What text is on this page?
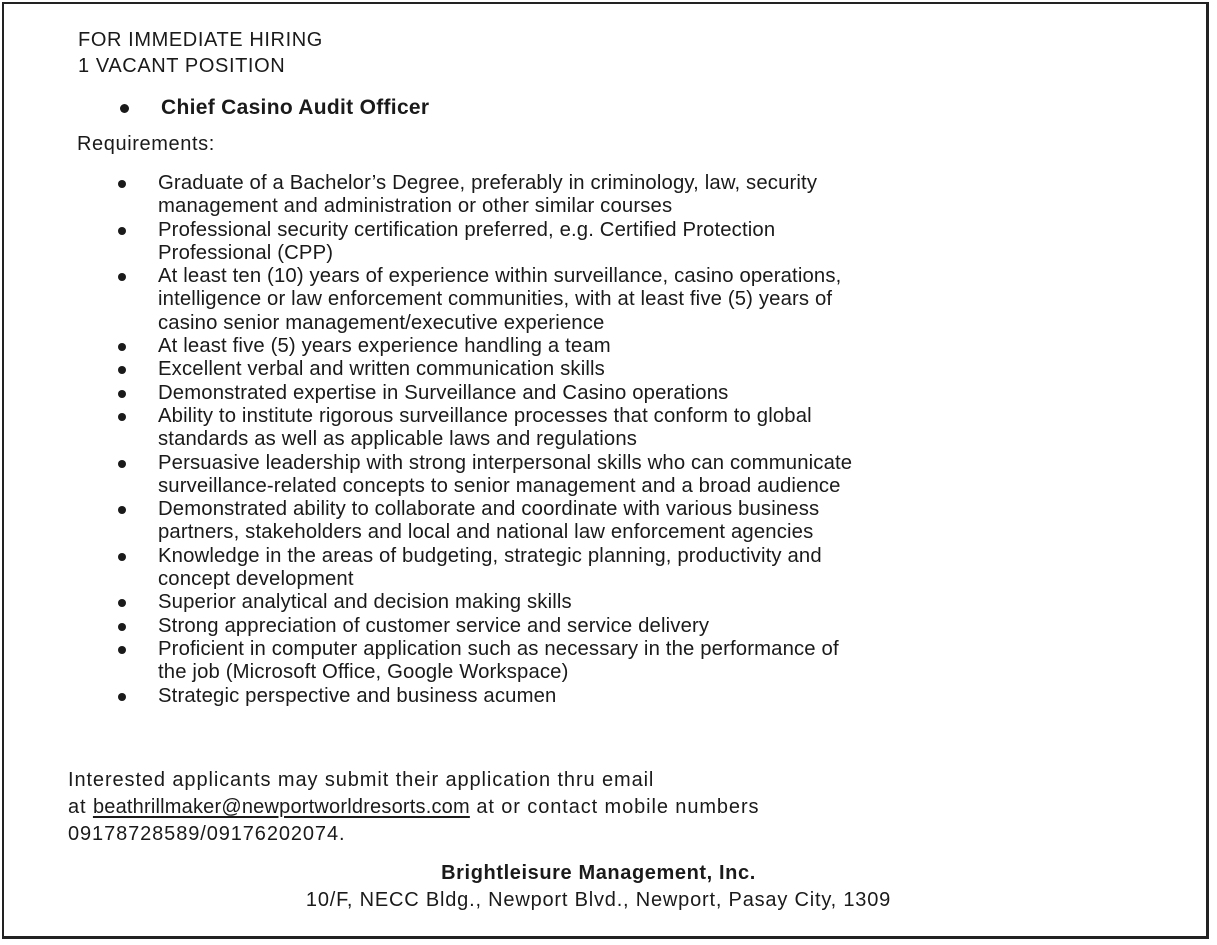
FOR IMMEDIATE HIRING
1 VACANT POSITION
Chief Casino Audit Officer
Requirements:
Graduate of a Bachelor’s Degree, preferably in criminology, law, security
management and administration or other similar courses
Professional security certification preferred, e.g. Certified Protection
Professional (CPP)
At least ten (10) years of experience within surveillance, casino operations,
intelligence or law enforcement communities, with at least five (5) years of
casino senior management/executive experience
At least five (5) years experience handling a team
Excellent verbal and written communication skills
Demonstrated expertise in Surveillance and Casino operations
Ability to institute rigorous surveillance processes that conform to global
standards as well as applicable laws and regulations
Persuasive leadership with strong interpersonal skills who can communicate
surveillance-related concepts to senior management and a broad audience
Demonstrated ability to collaborate and coordinate with various business
partners, stakeholders and local and national law enforcement agencies
Knowledge in the areas of budgeting, strategic planning, productivity and
concept development
Superior analytical and decision making skills
Strong appreciation of customer service and service delivery
Proficient in computer application such as necessary in the performance of
the job (Microsoft Office, Google Workspace)
Strategic perspective and business acumen
Interested applicants may submit their application thru email
at beathrillmaker@newportworldresorts.com at or contact mobile numbers
09178728589/09176202074.
Brightleisure Management, Inc.
10/F, NECC Bldg., Newport Blvd., Newport, Pasay City, 1309
